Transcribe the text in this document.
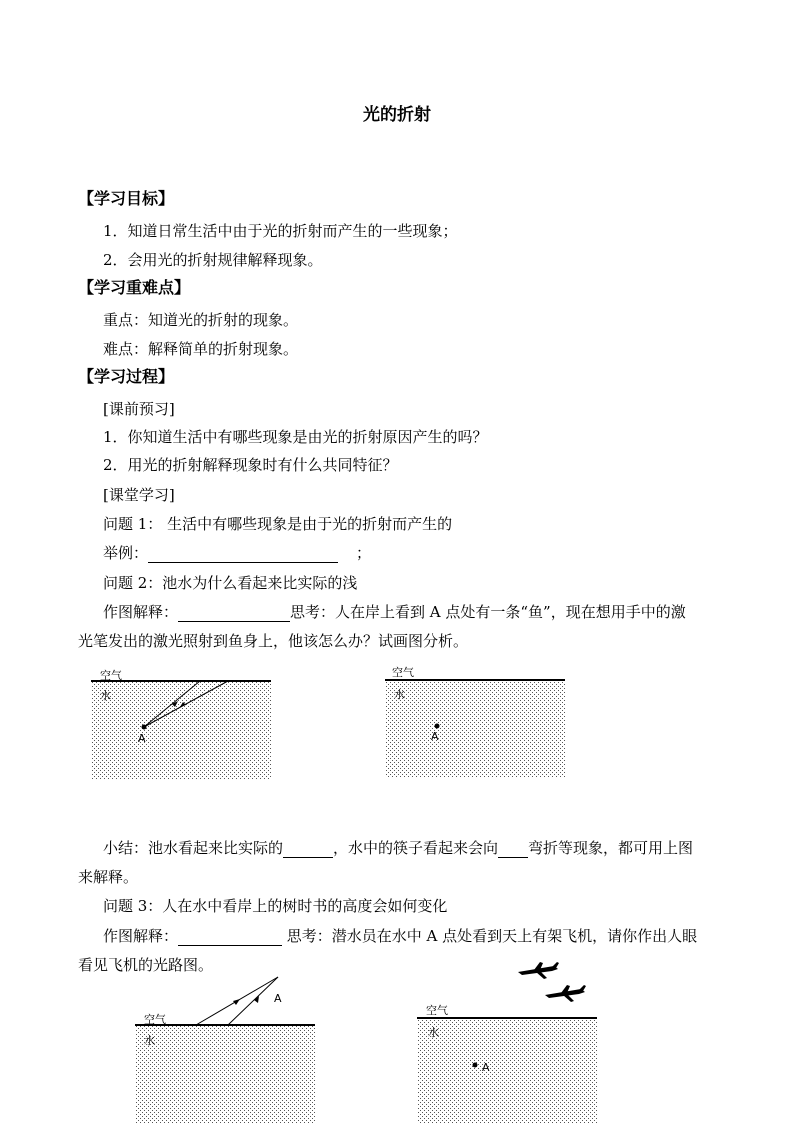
光的折射
【学习目标】
1．知道日常生活中由于光的折射而产生的一些现象；
2．会用光的折射规律解释现象。
【学习重难点】
重点：知道光的折射的现象。
难点：解释简单的折射现象。
【学习过程】
[课前预习]
1．你知道生活中有哪些现象是由光的折射原因产生的吗？
2．用光的折射解释现象时有什么共同特征？
[课堂学习]
问题 1： 生活中有哪些现象是由于光的折射而产生的
举例：	；
问题 2：池水为什么看起来比实际的浅
作图解释：	思考：人在岸上看到 A 点处有一条“鱼”，现在想用手中的激
光笔发出的激光照射到鱼身上，他该怎么办？试画图分析。
空气
水
A
空气
水
A
小结：池水看起来比实际的	，水中的筷子看起来会向 弯折等现象，都可用上图
来解释。
问题 3：人在水中看岸上的树时书的高度会如何变化
作图解释：	思考：潜水员在水中 A 点处看到天上有架飞机，请你作出人眼
看见飞机的光路图。
空气
水
A
空气
水
A
